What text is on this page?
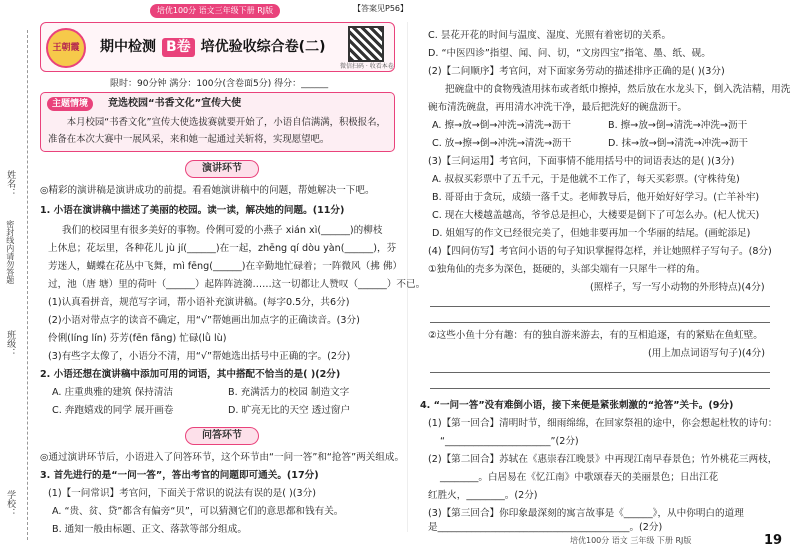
培优100分 语文三年级下册 RJ版	【答案见P56】
姓名：
密封线内请勿答题
班级：
学校：
王朝霞	期中检测 B卷 培优验收综合卷(二)
微信扫码 · 收看本卷
限时：90分钟 满分：100分(含卷面5分) 得分：______
主题情境	竞选校园“书香文化”宣传大使
本月校园“书香文化”宣传大使选拔赛就要开始了，小语自信满满，积极报名，准备在本次大赛中一展风采，来和她一起通过关斩将，实现愿望吧。
演讲环节
◎精彩的演讲稿是演讲成功的前提。看看她演讲稿中的问题，帮她解决一下吧。
1. 小语在演讲稿中描述了美丽的校园。读一读，解决她的问题。(11分)
我们的校园里有很多美好的事物。伶俐可爱的小燕子 xián xì(______)的柳枝
上休息；花坛里，各种花儿 jù jí(______)在一起，zhēng qí dòu yàn(______)，芬
芳迷人，蝴蝶在花丛中飞舞，mì fēng(______)在辛勤地忙碌着；一阵微风（拂 佛）
过，池（唐 塘）里的荷叶（______）起阵阵涟漪……这一切都让人赞叹（______）不已。
(1)认真看拼音，规范写字词，帮小语补充演讲稿。(每字0.5分，共6分)
(2)小语对带点字的读音不确定，用“√”帮她画出加点字的正确读音。(3分)
伶俐(líng lín) 芬芳(fēn fāng) 忙碌(lǜ lù)
(3)有些字太像了，小语分不清，用“√”帮她选出括号中正确的字。(2分)
2. 小语还想在演讲稿中添加可用的词语，其中搭配不恰当的是( )(2分)
A. 庄重典雅的建筑 保持清洁	B. 充满活力的校园 制造文字
C. 奔跑嬉戏的同学 展开画卷	D. 旷亮无比的天空 透过窗户
问答环节
◎通过演讲环节后，小语进入了问答环节，这个环节由“一问一答”和“抢答”两关组成。
3. 首先进行的是“一问一答”，答出考官的问题即可通关。(17分)
(1)【一问常识】考官问，下面关于常识的说法有误的是( )(3分)
A. “贵、贫、贷”都含有偏旁“贝”，可以猜测它们的意思都和钱有关。
B. 通知一般由标题、正文、落款等部分组成。
C. 昙花开花的时间与温度、湿度、光照有着密切的关系。
D. “中医四诊”指望、闻、问、切，“文房四宝”指笔、墨、纸、砚。
(2)【二问顺序】考官问，对下面家务劳动的描述排序正确的是( )(3分)
把碗盘中的食物残渣用抹布或者纸巾擦掉，然后放在水龙头下，倒入洗洁精，用洗
碗布清洗碗盘，再用清水冲洗干净，最后把洗好的碗盘沥干。
A. 擦→放→倒→冲洗→清洗→沥干	B. 擦→放→倒→清洗→冲洗→沥干
C. 放→擦→倒→冲洗→清洗→沥干	D. 抹→放→倒→清洗→冲洗→沥干
(3)【三问运用】考官问，下面事情不能用括号中的词语表达的是( )(3分)
A. 叔叔买彩票中了五千元，于是他就不工作了，每天买彩票。(守株待兔)
B. 哥哥由于贪玩，成绩一落千丈。老师教导后，他开始好好学习。(亡羊补牢)
C. 现在大楼越盖越高，爷爷总是担心，大楼要是倒下了可怎么办。(杞人忧天)
D. 姐姐写的作文已经很完美了，但她非要再加一个华丽的结尾。(画蛇添足)
(4)【四问仿写】考官问小语的句子知识掌握得怎样，并让她照样子写句子。(8分)
①独角仙的壳多为深色，挺硬的，头部尖端有一只犀牛一样的角。
(照样子，写一写小动物的外形特点)(4分)
②这些小鱼十分有趣：有的独自游来游去，有的互相追逐，有的紧贴在鱼虹壁。
(用上加点词语写句子)(4分)
4. “一问一答”没有难倒小语，接下来便是紧张刺激的“抢答”关卡。(9分)
(1)【第一回合】清明时节，细雨绵绵，在回家祭祖的途中，你会想起杜牧的诗句：
“______________________”(2分)
(2)【第二回合】苏轼在《惠崇春江晚景》中再现江南早春景色；竹外桃花三两枝，
________。白居易在《忆江南》中歌颂春天的美丽景色；日出江花
红胜火，________。(2分)
(3)【第三回合】你印象最深刻的寓言故事是《______》，从中你明白的道理
是________________________________________。(2分)
培优100分 语文 三年级 下册 RJ版	19
